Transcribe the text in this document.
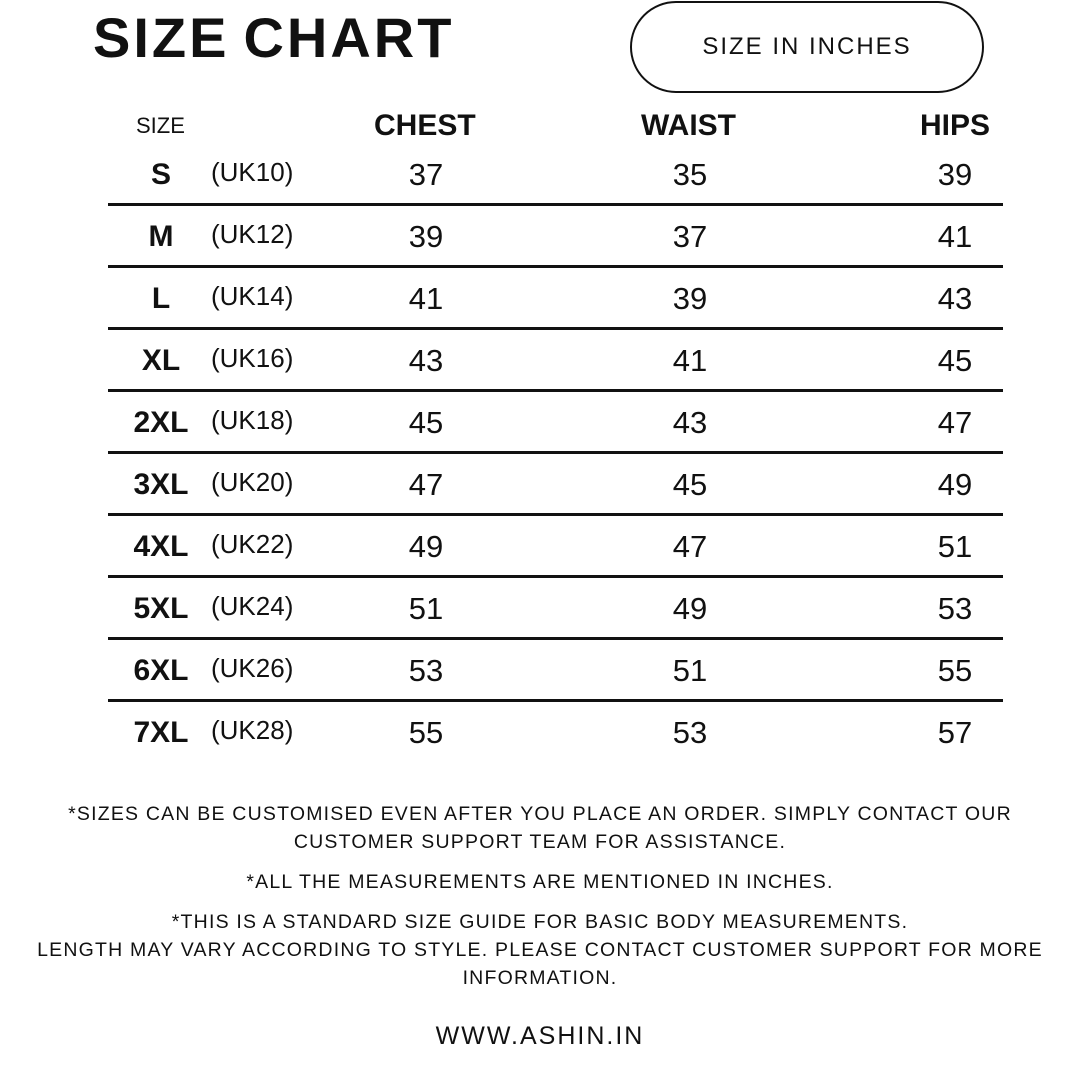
SIZE CHART	SIZE IN INCHES
SIZE	CHEST	WAIST	HIPS
S	(UK10)	37	35	39
M	(UK12)	39	37	41
L	(UK14)	41	39	43
XL	(UK16)	43	41	45
2XL (UK18)	45	43	47
3XL (UK20)	47	45	49
4XL (UK22)	49	47	51
5XL (UK24)	51	49	53
6XL (UK26)	53	51	55
7XL (UK28)	55	53	57

*SIZES CAN BE CUSTOMISED EVEN AFTER YOU PLACE AN ORDER. SIMPLY CONTACT OUR CUSTOMER SUPPORT TEAM FOR ASSISTANCE.

*ALL THE MEASUREMENTS ARE MENTIONED IN INCHES.

*THIS IS A STANDARD SIZE GUIDE FOR BASIC BODY MEASUREMENTS.
LENGTH MAY VARY ACCORDING TO STYLE. PLEASE CONTACT CUSTOMER SUPPORT FOR MORE INFORMATION.

WWW.ASHIN.IN
